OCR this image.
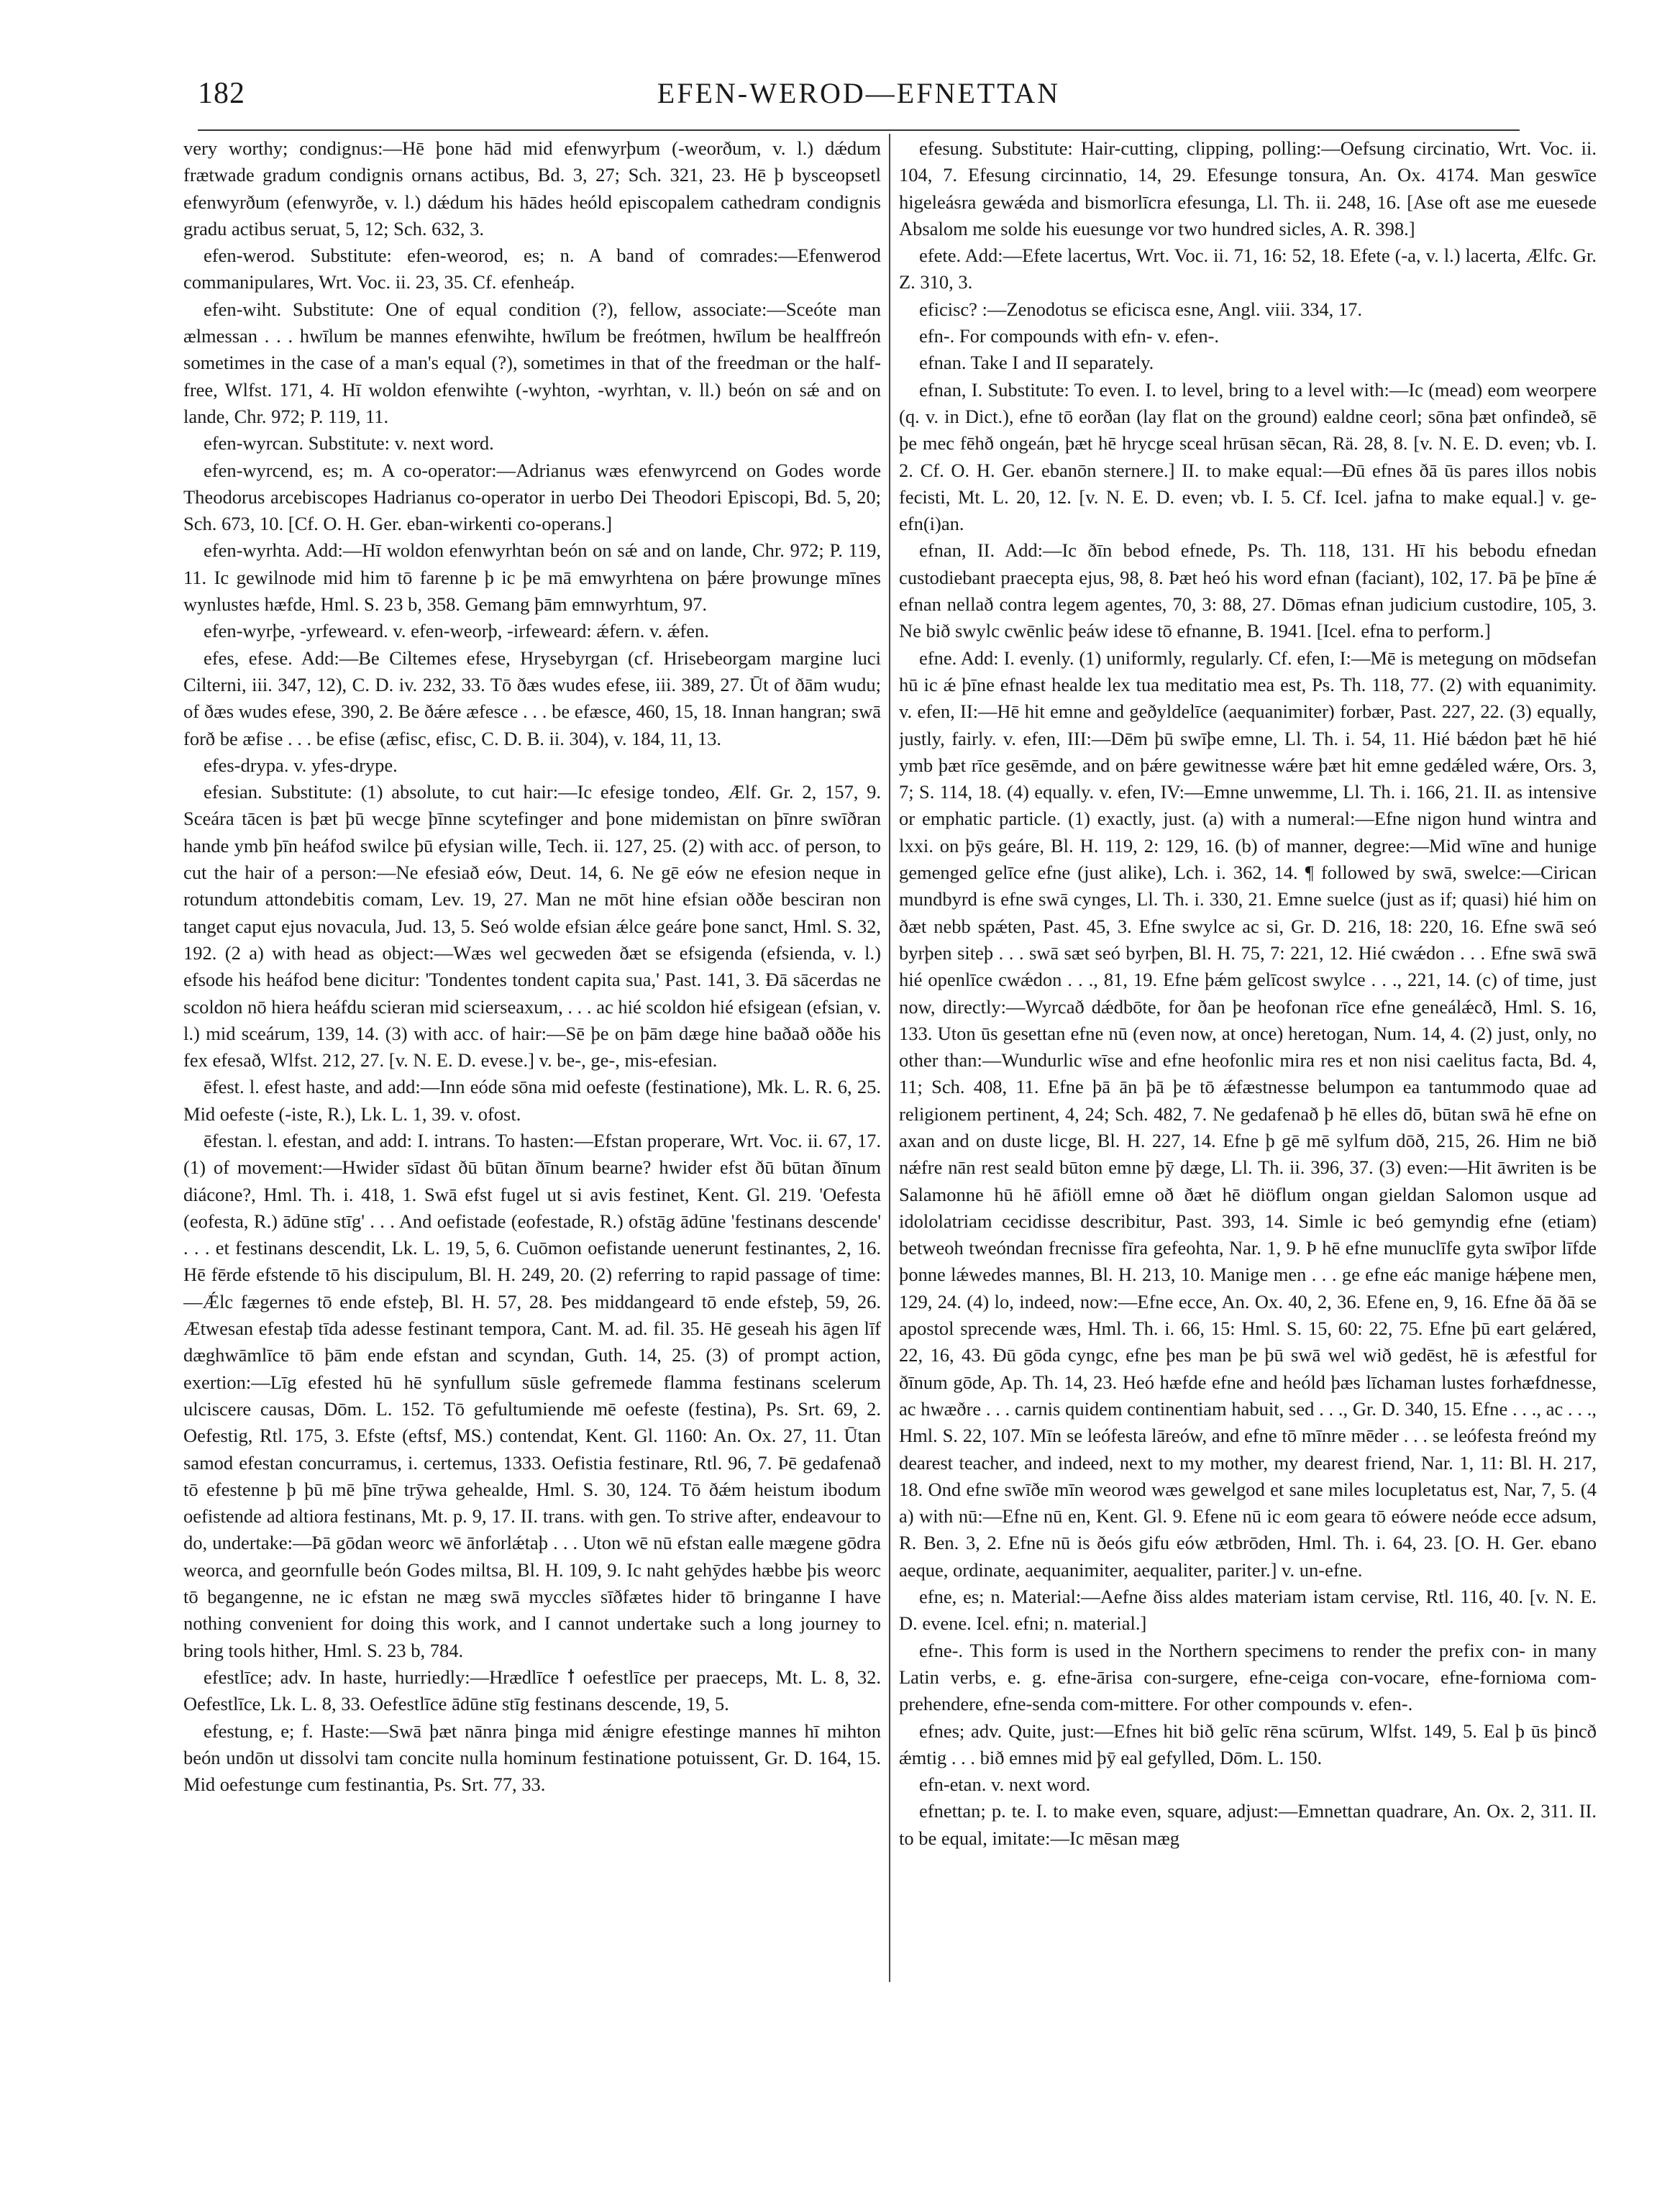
182	EFEN-WEROD—EFNETTAN

very worthy; condignus:—Hē þone hād mid efenwyrþum (-weorðum, v. l.) dǽdum frætwade gradum condignis ornans actibus, Bd. 3, 27; Sch. 321, 23. Hē þ bysceopsetl efenwyrðum (efenwyrðe, v. l.) dǽdum his hādes heóld episcopalem cathedram condignis gradu actibus seruat, 5, 12; Sch. 632, 3.

efen-werod. Substitute: efen-weorod, es; n. A band of comrades:—Efenwerod commanipulares, Wrt. Voc. ii. 23, 35. Cf. efenheáp.

efen-wiht. Substitute: One of equal condition (?), fellow, associate:—Sceóte man ælmessan . . . hwīlum be mannes efenwihte, hwīlum be freótmen, hwīlum be healffreón sometimes in the case of a man's equal (?), sometimes in that of the freedman or the half-free, Wlfst. 171, 4. Hī woldon efenwihte (-wyhton, -wyrhtan, v. ll.) beón on sǽ and on lande, Chr. 972; P. 119, 11.

efen-wyrcan. Substitute: v. next word.

efen-wyrcend, es; m. A co-operator:—Adrianus wæs efenwyrcend on Godes worde Theodorus arcebiscopes Hadrianus co-operator in uerbo Dei Theodori Episcopi, Bd. 5, 20; Sch. 673, 10. [Cf. O. H. Ger. eban-wirkenti co-operans.]

efen-wyrhta. Add:—Hī woldon efenwyrhtan beón on sǽ and on lande, Chr. 972; P. 119, 11. Ic gewilnode mid him tō farenne þ ic þe mā emwyrhtena on þǽre þrowunge mīnes wynlustes hæfde, Hml. S. 23 b, 358. Gemang þām emnwyrhtum, 97.

efen-wyrþe, -yrfeweard. v. efen-weorþ, -irfeweard: ǽfern. v. ǽfen.

efes, efese. Add:—Be Ciltemes efese, Hrysebyrgan (cf. Hrisebeorgam margine luci Cilterni, iii. 347, 12), C. D. iv. 232, 33. Tō ðæs wudes efese, iii. 389, 27. Ūt of ðām wudu; of ðæs wudes efese, 390, 2. Be ðǽre æfesce . . . be efæsce, 460, 15, 18. Innan hangran; swā forð be æfise . . . be efise (æfisc, efisc, C. D. B. ii. 304), v. 184, 11, 13.

efes-drypa. v. yfes-drype.

efesian. Substitute: (1) absolute, to cut hair:—Ic efesige tondeo, Ælf. Gr. 2, 157, 9. Sceára tācen is þæt þū wecge þīnne scytefinger and þone midemistan on þīnre swīðran hande ymb þīn heáfod swilce þū efysian wille, Tech. ii. 127, 25. (2) with acc. of person, to cut the hair of a person:—Ne efesiað eów, Deut. 14, 6. Ne gē eów ne efesion neque in rotundum attondebitis comam, Lev. 19, 27. Man ne mōt hine efsian oððe besciran non tanget caput ejus novacula, Jud. 13, 5. Seó wolde efsian ǽlce geáre þone sanct, Hml. S. 32, 192. (2 a) with head as object:—Wæs wel gecweden ðæt se efsigenda (efsienda, v. l.) efsode his heáfod bene dicitur: 'Tondentes tondent capita sua,' Past. 141, 3. Ðā sācerdas ne scoldon nō hiera heáfdu scieran mid scierseaxum, . . . ac hié scoldon hié efsigean (efsian, v. l.) mid sceárum, 139, 14. (3) with acc. of hair:—Sē þe on þām dæge hine baðað oððe his fex efesað, Wlfst. 212, 27. [v. N. E. D. evese.] v. be-, ge-, mis-efesian.

ēfest. l. efest haste, and add:—Inn eóde sōna mid oefeste (festinatione), Mk. L. R. 6, 25. Mid oefeste (-iste, R.), Lk. L. 1, 39. v. ofost.

ēfestan. l. efestan, and add: I. intrans. To hasten:—Efstan properare, Wrt. Voc. ii. 67, 17. (1) of movement:—Hwider sīdast ðū būtan ðīnum bearne? hwider efst ðū būtan ðīnum diácone?, Hml. Th. i. 418, 1. Swā efst fugel ut si avis festinet, Kent. Gl. 219. 'Oefesta (eofesta, R.) ādūne stīg' . . . And oefistade (eofestade, R.) ofstāg ādūne 'festinans descende' . . . et festinans descendit, Lk. L. 19, 5, 6. Cuōmon oefistande uenerunt festinantes, 2, 16. Hē fērde efstende tō his discipulum, Bl. H. 249, 20. (2) referring to rapid passage of time:—Ǽlc fægernes tō ende efsteþ, Bl. H. 57, 28. Þes middangeard tō ende efsteþ, 59, 26. Ætwesan efestaþ tīda adesse festinant tempora, Cant. M. ad. fil. 35. Hē geseah his āgen līf dæghwāmlīce tō þām ende efstan and scyndan, Guth. 14, 25. (3) of prompt action, exertion:—Līg efested hū hē synfullum sūsle gefremede flamma festinans scelerum ulciscere causas, Dōm. L. 152. Tō gefultumiende mē oefeste (festina), Ps. Srt. 69, 2. Oefestig, Rtl. 175, 3. Efste (eftsf, MS.) contendat, Kent. Gl. 1160: An. Ox. 27, 11. Ūtan samod efestan concurramus, i. certemus, 1333. Oefistia festinare, Rtl. 96, 7. Þē gedafenað tō efestenne þ þū mē þīne trȳwa gehealde, Hml. S. 30, 124. Tō ðǽm heistum ibodum oefistende ad altiora festinans, Mt. p. 9, 17. II. trans. with gen. To strive after, endeavour to do, undertake:—Þā gōdan weorc wē ānforlǽtaþ . . . Uton wē nū efstan ealle mægene gōdra weorca, and geornfulle beón Godes miltsa, Bl. H. 109, 9. Ic naht gehȳdes hæbbe þis weorc tō begangenne, ne ic efstan ne mæg swā myccles sīðfætes hider tō bringanne I have nothing convenient for doing this work, and I cannot undertake such a long journey to bring tools hither, Hml. S. 23 b, 784.

efestlīce; adv. In haste, hurriedly:—Hrædlīce ꝉ oefestlīce per praeceps, Mt. L. 8, 32. Oefestlīce, Lk. L. 8, 33. Oefestlīce ādūne stīg festinans descende, 19, 5.

efestung, e; f. Haste:—Swā þæt nānra þinga mid ǽnigre efestinge mannes hī mihton beón undōn ut dissolvi tam concite nulla hominum festinatione potuissent, Gr. D. 164, 15. Mid oefestunge cum festinantia, Ps. Srt. 77, 33.

efesung. Substitute: Hair-cutting, clipping, polling:—Oefsung circinatio, Wrt. Voc. ii. 104, 7. Efesung circinnatio, 14, 29. Efesunge tonsura, An. Ox. 4174. Man geswīce higeleásra gewǽda and bismorlīcra efesunga, Ll. Th. ii. 248, 16. [Ase oft ase me euesede Absalom me solde his euesunge vor two hundred sicles, A. R. 398.]

efete. Add:—Efete lacertus, Wrt. Voc. ii. 71, 16: 52, 18. Efete (-a, v. l.) lacerta, Ælfc. Gr. Z. 310, 3.

eficisc? :—Zenodotus se eficisca esne, Angl. viii. 334, 17.

efn-. For compounds with efn- v. efen-.

efnan. Take I and II separately.

efnan, I. Substitute: To even. I. to level, bring to a level with:—Ic (mead) eom weorpere (q. v. in Dict.), efne tō eorðan (lay flat on the ground) ealdne ceorl; sōna þæt onfindeð, sē þe mec fēhð ongeán, þæt hē hrycge sceal hrūsan sēcan, Rä. 28, 8. [v. N. E. D. even; vb. I. 2. Cf. O. H. Ger. ebanōn sternere.] II. to make equal:—Ðū efnes ðā ūs pares illos nobis fecisti, Mt. L. 20, 12. [v. N. E. D. even; vb. I. 5. Cf. Icel. jafna to make equal.] v. ge-efn(i)an.

efnan, II. Add:—Ic ðīn bebod efnede, Ps. Th. 118, 131. Hī his bebodu efnedan custodiebant praecepta ejus, 98, 8. Þæt heó his word efnan (faciant), 102, 17. Þā þe þīne ǽ efnan nellað contra legem agentes, 70, 3: 88, 27. Dōmas efnan judicium custodire, 105, 3. Ne bið swylc cwēnlic þeáw idese tō efnanne, B. 1941. [Icel. efna to perform.]

efne. Add: I. evenly. (1) uniformly, regularly. Cf. efen, I:—Mē is metegung on mōdsefan hū ic ǽ þīne efnast healde lex tua meditatio mea est, Ps. Th. 118, 77. (2) with equanimity. v. efen, II:—Hē hit emne and geðyldelīce (aequanimiter) forbær, Past. 227, 22. (3) equally, justly, fairly. v. efen, III:—Dēm þū swīþe emne, Ll. Th. i. 54, 11. Hié bǽdon þæt hē hié ymb þæt rīce gesēmde, and on þǽre gewitnesse wǽre þæt hit emne gedǽled wǽre, Ors. 3, 7; S. 114, 18. (4) equally. v. efen, IV:—Emne unwemme, Ll. Th. i. 166, 21. II. as intensive or emphatic particle. (1) exactly, just. (a) with a numeral:—Efne nigon hund wintra and lxxi. on þȳs geáre, Bl. H. 119, 2: 129, 16. (b) of manner, degree:—Mid wīne and hunige gemenged gelīce efne (just alike), Lch. i. 362, 14. ¶ followed by swā, swelce:—Cirican mundbyrd is efne swā cynges, Ll. Th. i. 330, 21. Emne suelce (just as if; quasi) hié him on ðæt nebb spǽten, Past. 45, 3. Efne swylce ac si, Gr. D. 216, 18: 220, 16. Efne swā seó byrþen siteþ . . . swā sæt seó byrþen, Bl. H. 75, 7: 221, 12. Hié cwǽdon . . . Efne swā swā hié openlīce cwǽdon . . ., 81, 19. Efne þǽm gelīcost swylce . . ., 221, 14. (c) of time, just now, directly:—Wyrcað dǽdbōte, for ðan þe heofonan rīce efne geneálǽcð, Hml. S. 16, 133. Uton ūs gesettan efne nū (even now, at once) heretogan, Num. 14, 4. (2) just, only, no other than:—Wundurlic wīse and efne heofonlic mira res et non nisi caelitus facta, Bd. 4, 11; Sch. 408, 11. Efne þā ān þā þe tō ǽfæstnesse belumpon ea tantummodo quae ad religionem pertinent, 4, 24; Sch. 482, 7. Ne gedafenað þ hē elles dō, būtan swā hē efne on axan and on duste licge, Bl. H. 227, 14. Efne þ gē mē sylfum dōð, 215, 26. Him ne bið nǽfre nān rest seald būton emne þȳ dæge, Ll. Th. ii. 396, 37. (3) even:—Hit āwriten is be Salamonne hū hē āfiöll emne oð ðæt hē diöflum ongan gieldan Salomon usque ad idololatriam cecidisse describitur, Past. 393, 14. Simle ic beó gemyndig efne (etiam) betweoh tweóndan frecnisse fīra gefeohta, Nar. 1, 9. Þ hē efne munuclīfe gyta swīþor līfde þonne lǽwedes mannes, Bl. H. 213, 10. Manige men . . . ge efne eác manige hǽþene men, 129, 24. (4) lo, indeed, now:—Efne ecce, An. Ox. 40, 2, 36. Efene en, 9, 16. Efne ðā ðā se apostol sprecende wæs, Hml. Th. i. 66, 15: Hml. S. 15, 60: 22, 75. Efne þū eart gelǽred, 22, 16, 43. Ðū gōda cyngc, efne þes man þe þū swā wel wið gedēst, hē is æfestful for ðīnum gōde, Ap. Th. 14, 23. Heó hæfde efne and heóld þæs līchaman lustes forhæfdnesse, ac hwæðre . . . carnis quidem continentiam habuit, sed . . ., Gr. D. 340, 15. Efne . . ., ac . . ., Hml. S. 22, 107. Mīn se leófesta lāreów, and efne tō mīnre mēder . . . se leófesta freónd my dearest teacher, and indeed, next to my mother, my dearest friend, Nar. 1, 11: Bl. H. 217, 18. Ond efne swīðe mīn weorod wæs gewelgod et sane miles locupletatus est, Nar, 7, 5. (4 a) with nū:—Efne nū en, Kent. Gl. 9. Efene nū ic eom geara tō eówere neóde ecce adsum, R. Ben. 3, 2. Efne nū is ðeós gifu eów ætbrōden, Hml. Th. i. 64, 23. [O. H. Ger. ebano aeque, ordinate, aequanimiter, aequaliter, pariter.] v. un-efne.

efne, es; n. Material:—Aefne ðiss aldes materiam istam cervise, Rtl. 116, 40. [v. N. E. D. evene. Icel. efni; n. material.]

efne-. This form is used in the Northern specimens to render the prefix con- in many Latin verbs, e. g. efne-ārisa con-surgere, efne-ceiga con-vocare, efne-forniома com-prehendere, efne-senda com-mittere. For other compounds v. efen-.

efnes; adv. Quite, just:—Efnes hit bið gelīc rēna scūrum, Wlfst. 149, 5. Eal þ ūs þincð ǽmtig . . . bið emnes mid þȳ eal gefylled, Dōm. L. 150.

efn-etan. v. next word.

efnettan; p. te. I. to make even, square, adjust:—Emnettan quadrare, An. Ox. 2, 311. II. to be equal, imitate:—Ic mēsan mæg
